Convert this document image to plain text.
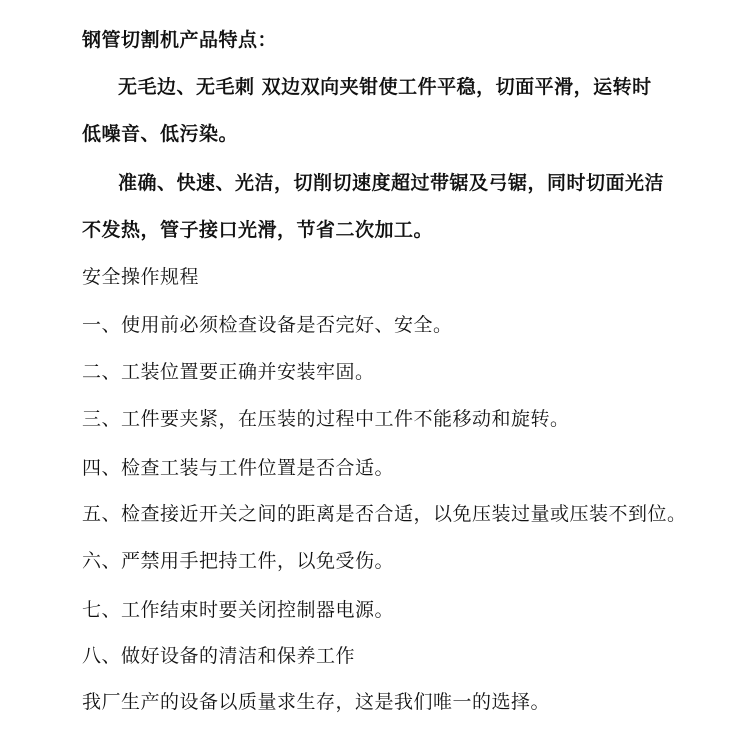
钢管切割机产品特点：
无毛边、无毛刺 双边双向夹钳使工件平稳，切面平滑，运转时
低噪音、低污染。
准确、快速、光洁，切削切速度超过带锯及弓锯，同时切面光洁
不发热，管子接口光滑，节省二次加工。
安全操作规程
一、使用前必须检查设备是否完好、安全。
二、工装位置要正确并安装牢固。
三、工件要夹紧，在压装的过程中工件不能移动和旋转。
四、检查工装与工件位置是否合适。
五、检查接近开关之间的距离是否合适，以免压装过量或压装不到位。
六、严禁用手把持工件，以免受伤。
七、工作结束时要关闭控制器电源。
八、做好设备的清洁和保养工作
我厂生产的设备以质量求生存，这是我们唯一的选择。
